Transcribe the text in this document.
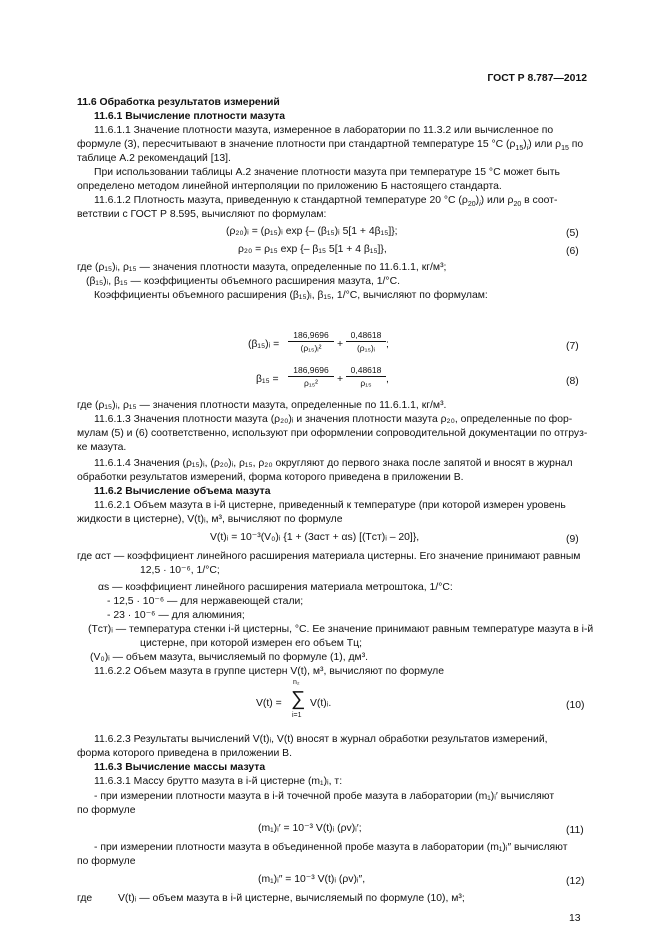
ГОСТ Р 8.787—2012
11.6 Обработка результатов измерений
11.6.1 Вычисление плотности мазута
11.6.1.1 Значение плотности мазута, измеренное в лаборатории по 11.3.2 или вычисленное по
формуле (3), пересчитывают в значение плотности при стандартной температуре 15 °С $(\rho_{15})_i$) или $\rho_{15}$ по
таблице А.2 рекомендаций [13].
При использовании таблицы А.2 значение плотности мазута при температуре 15 °С может быть
определено методом линейной интерполяции по приложению Б настоящего стандарта.
11.6.1.2 Плотность мазута, приведенную к стандартной температуре 20 °С $(\rho_{20})_i$) или $\rho_{20}$ в соот-
ветствии с ГОСТ Р 8.595, вычисляют по формулам:
(ρ₂₀)ᵢ = (ρ₁₅)ᵢ exp {– (β₁₅)ᵢ 5[1 + 4β₁₅]};	(5)
ρ₂₀ = ρ₁₅ exp {– β₁₅ 5[1 + 4 β₁₅]},	(6)
где (ρ₁₅)ᵢ, ρ₁₅ — значения плотности мазута, определенные по 11.6.1.1, кг/м³;
(β₁₅)ᵢ, β₁₅ — коэффициенты объемного расширения мазута, 1/°С.
Коэффициенты объемного расширения (β₁₅)ᵢ, β₁₅, 1/°С, вычисляют по формулам:
(β₁₅)ᵢ = $\frac{186,9696}{\text{(ρ₁₅)ᵢ²}} + \frac{0,48618}{\text{(ρ₁₅)ᵢ}}$ ;	(7)
$\beta_{15} = \frac{186,9696}{\text{ρ₁₅²}} + \frac{0,48618}{\text{ρ₁₅}}$ ,	(8)
где (ρ₁₅)ᵢ, ρ₁₅ — значения плотности мазута, определенные по 11.6.1.1, кг/м³.
11.6.1.3 Значения плотности мазута (ρ₂₀)ᵢ и значения плотности мазута ρ₂₀, определенные по фор-
мулам (5) и (6) соответственно, используют при оформлении сопроводительной документации по отгруз-
ке мазута.
11.6.1.4 Значения (ρ₁₅)ᵢ, (ρ₂₀)ᵢ, ρ₁₅, ρ₂₀ округляют до первого знака после запятой и вносят в журнал
обработки результатов измерений, форма которого приведена в приложении В.
11.6.2 Вычисление объема мазута
11.6.2.1 Объем мазута в i-й цистерне, приведенный к температуре (при которой измерен уровень
жидкости в цистерне), V(t)ᵢ, м³, вычисляют по формуле
V(t)ᵢ = 10⁻³(V₀)ᵢ {1 + (3αст + αs) [(Tст)ᵢ – 20]},	(9)
где αст — коэффициент линейного расширения материала цистерны. Его значение принимают равным
12,5 · 10⁻⁶, 1/°С;
αs — коэффициент линейного расширения материала метроштока, 1/°С:
- 12,5 · 10⁻⁶ — для нержавеющей стали;
- 23 · 10⁻⁶ — для алюминия;
(Tст)ᵢ — температура стенки i-й цистерны, °С. Ее значение принимают равным температуре мазута в i-й
цистерне, при которой измерен его объем Tц;
(V₀)ᵢ — объем мазута, вычисляемый по формуле (1), дм³.
11.6.2.2 Объем мазута в группе цистерн V(t), м³, вычисляют по формуле
V(t) =
n₂
∑
i=1
V(t)ᵢ.	(10)
11.6.2.3 Результаты вычислений V(t)ᵢ, V(t) вносят в журнал обработки результатов измерений,
форма которого приведена в приложении В.
11.6.3 Вычисление массы мазута
11.6.3.1 Массу брутто мазута в i-й цистерне (m₁)ᵢ, т:
- при измерении плотности мазута в i-й точечной пробе мазута в лаборатории (m₁)ᵢ′ вычисляют
по формуле
(m₁)ᵢ′ = 10⁻³ V(t)ᵢ (ρv)ᵢ′;	(11)
- при измерении плотности мазута в объединенной пробе мазута в лаборатории (m₁)ᵢ″ вычисляют
по формуле
(m₁)ᵢ″ = 10⁻³ V(t)ᵢ (ρv)ᵢ″,	(12)
где V(t)ᵢ — объем мазута в i-й цистерне, вычисляемый по формуле (10), м³;
13
